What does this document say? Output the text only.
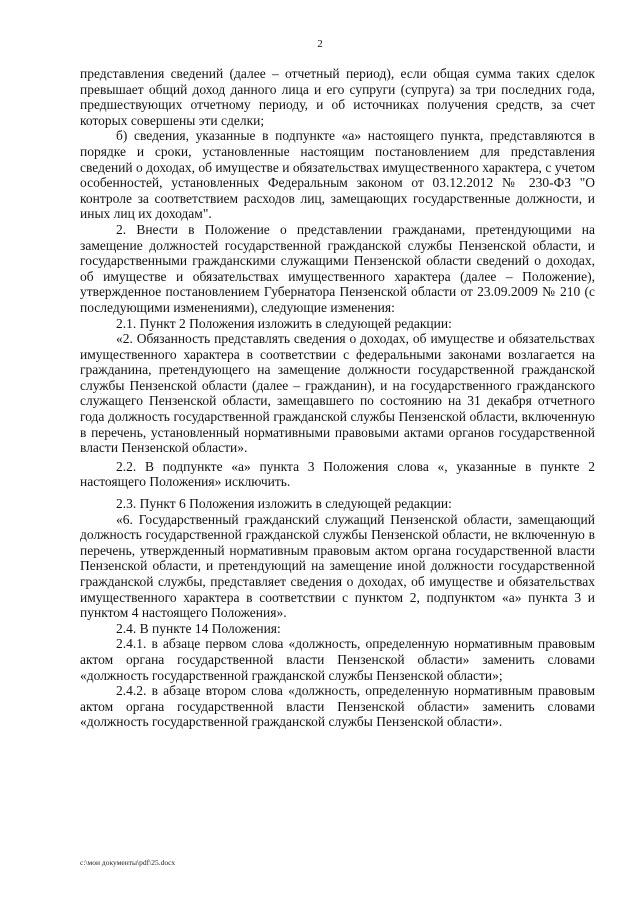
2

представления сведений (далее – отчетный период), если общая сумма таких сделок превышает общий доход данного лица и его супруги (супруга) за три последних года, предшествующих отчетному периоду, и об источниках получения средств, за счет которых совершены эти сделки;

б) сведения, указанные в подпункте «а» настоящего пункта, представляются в порядке и сроки, установленные настоящим постановлением для представления сведений о доходах, об имуществе и обязательствах имущественного характера, с учетом особенностей, установленных Федеральным законом от 03.12.2012 № 230-ФЗ "О контроле за соответствием расходов лиц, замещающих государственные должности, и иных лиц их доходам".

2. Внести в Положение о представлении гражданами, претендующими на замещение должностей государственной гражданской службы Пензенской области, и государственными гражданскими служащими Пензенской области сведений о доходах, об имуществе и обязательствах имущественного характера (далее – Положение), утвержденное постановлением Губернатора Пензенской области от 23.09.2009 № 210 (с последующими изменениями), следующие изменения:

2.1. Пункт 2 Положения изложить в следующей редакции:

«2. Обязанность представлять сведения о доходах, об имуществе и обязательствах имущественного характера в соответствии с федеральными законами возлагается на гражданина, претендующего на замещение должности государственной гражданской службы Пензенской области (далее – гражданин), и на государственного гражданского служащего Пензенской области, замещавшего по состоянию на 31 декабря отчетного года должность государственной гражданской службы Пензенской области, включенную в перечень, установленный нормативными правовыми актами органов государственной власти Пензенской области».

2.2. В подпункте «а» пункта 3 Положения слова «, указанные в пункте 2 настоящего Положения» исключить.

2.3. Пункт 6 Положения изложить в следующей редакции:

«6. Государственный гражданский служащий Пензенской области, замещающий должность государственной гражданской службы Пензенской области, не включенную в перечень, утвержденный нормативным правовым актом органа государственной власти Пензенской области, и претендующий на замещение иной должности государственной гражданской службы, представляет сведения о доходах, об имуществе и обязательствах имущественного характера в соответствии с пунктом 2, подпунктом «а» пункта 3 и пунктом 4 настоящего Положения».

2.4. В пункте 14 Положения:

2.4.1. в абзаце первом слова «должность, определенную нормативным правовым актом органа государственной власти Пензенской области» заменить словами «должность государственной гражданской службы Пензенской области»;

2.4.2. в абзаце втором слова «должность, определенную нормативным правовым актом органа государственной власти Пензенской области» заменить словами «должность государственной гражданской службы Пензенской области».

c:\мои документы\pdf\25.docx
